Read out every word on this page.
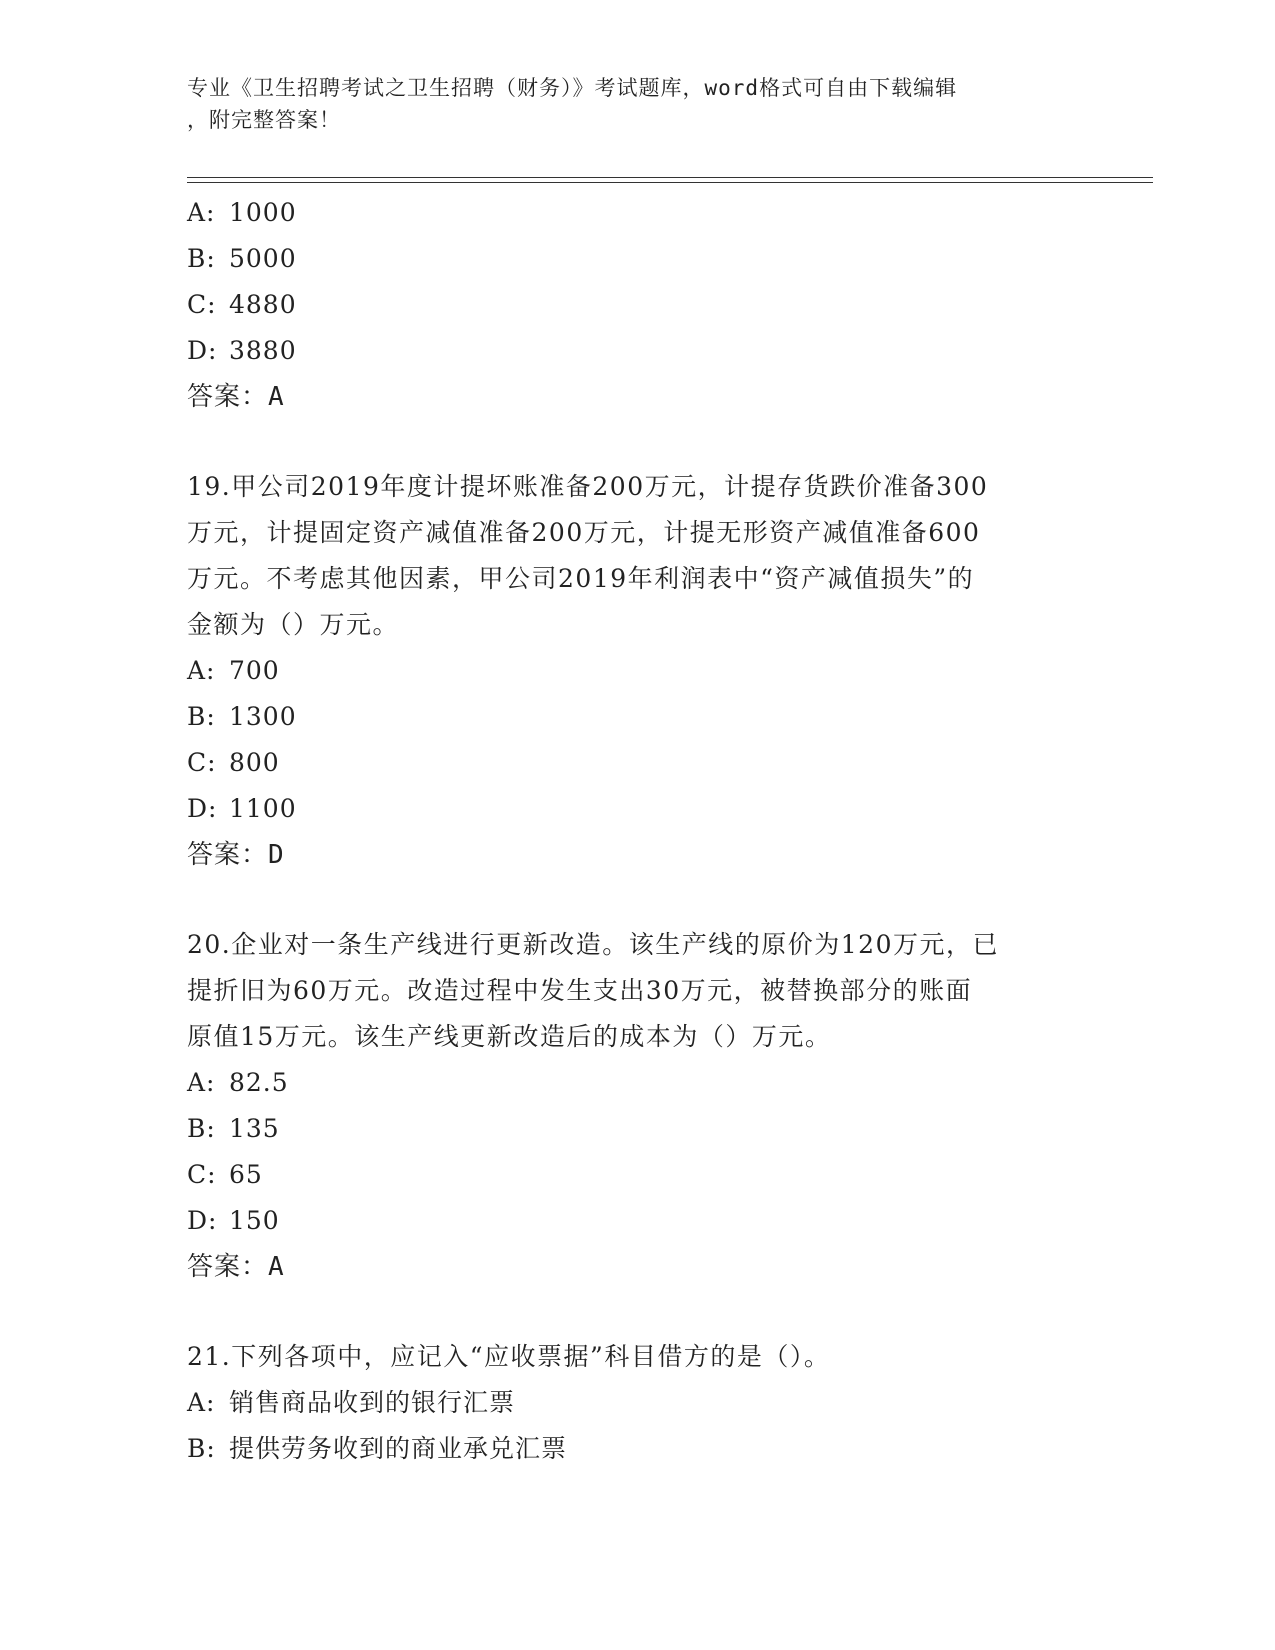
专业《卫生招聘考试之卫生招聘（财务）》考试题库，word格式可自由下载编辑
，附完整答案！
A: 1000
B: 5000
C: 4880
D: 3880
答案：A
19.甲公司2019年度计提坏账准备200万元，计提存货跌价准备300
万元，计提固定资产减值准备200万元，计提无形资产减值准备600
万元。不考虑其他因素，甲公司2019年利润表中“资产减值损失”的
金额为（）万元。
A: 700
B: 1300
C: 800
D: 1100
答案：D
20.企业对一条生产线进行更新改造。该生产线的原价为120万元，已
提折旧为60万元。改造过程中发生支出30万元，被替换部分的账面
原值15万元。该生产线更新改造后的成本为（）万元。
A: 82.5
B: 135
C: 65
D: 150
答案：A
21.下列各项中，应记入“应收票据”科目借方的是（）。
A: 销售商品收到的银行汇票
B: 提供劳务收到的商业承兑汇票
